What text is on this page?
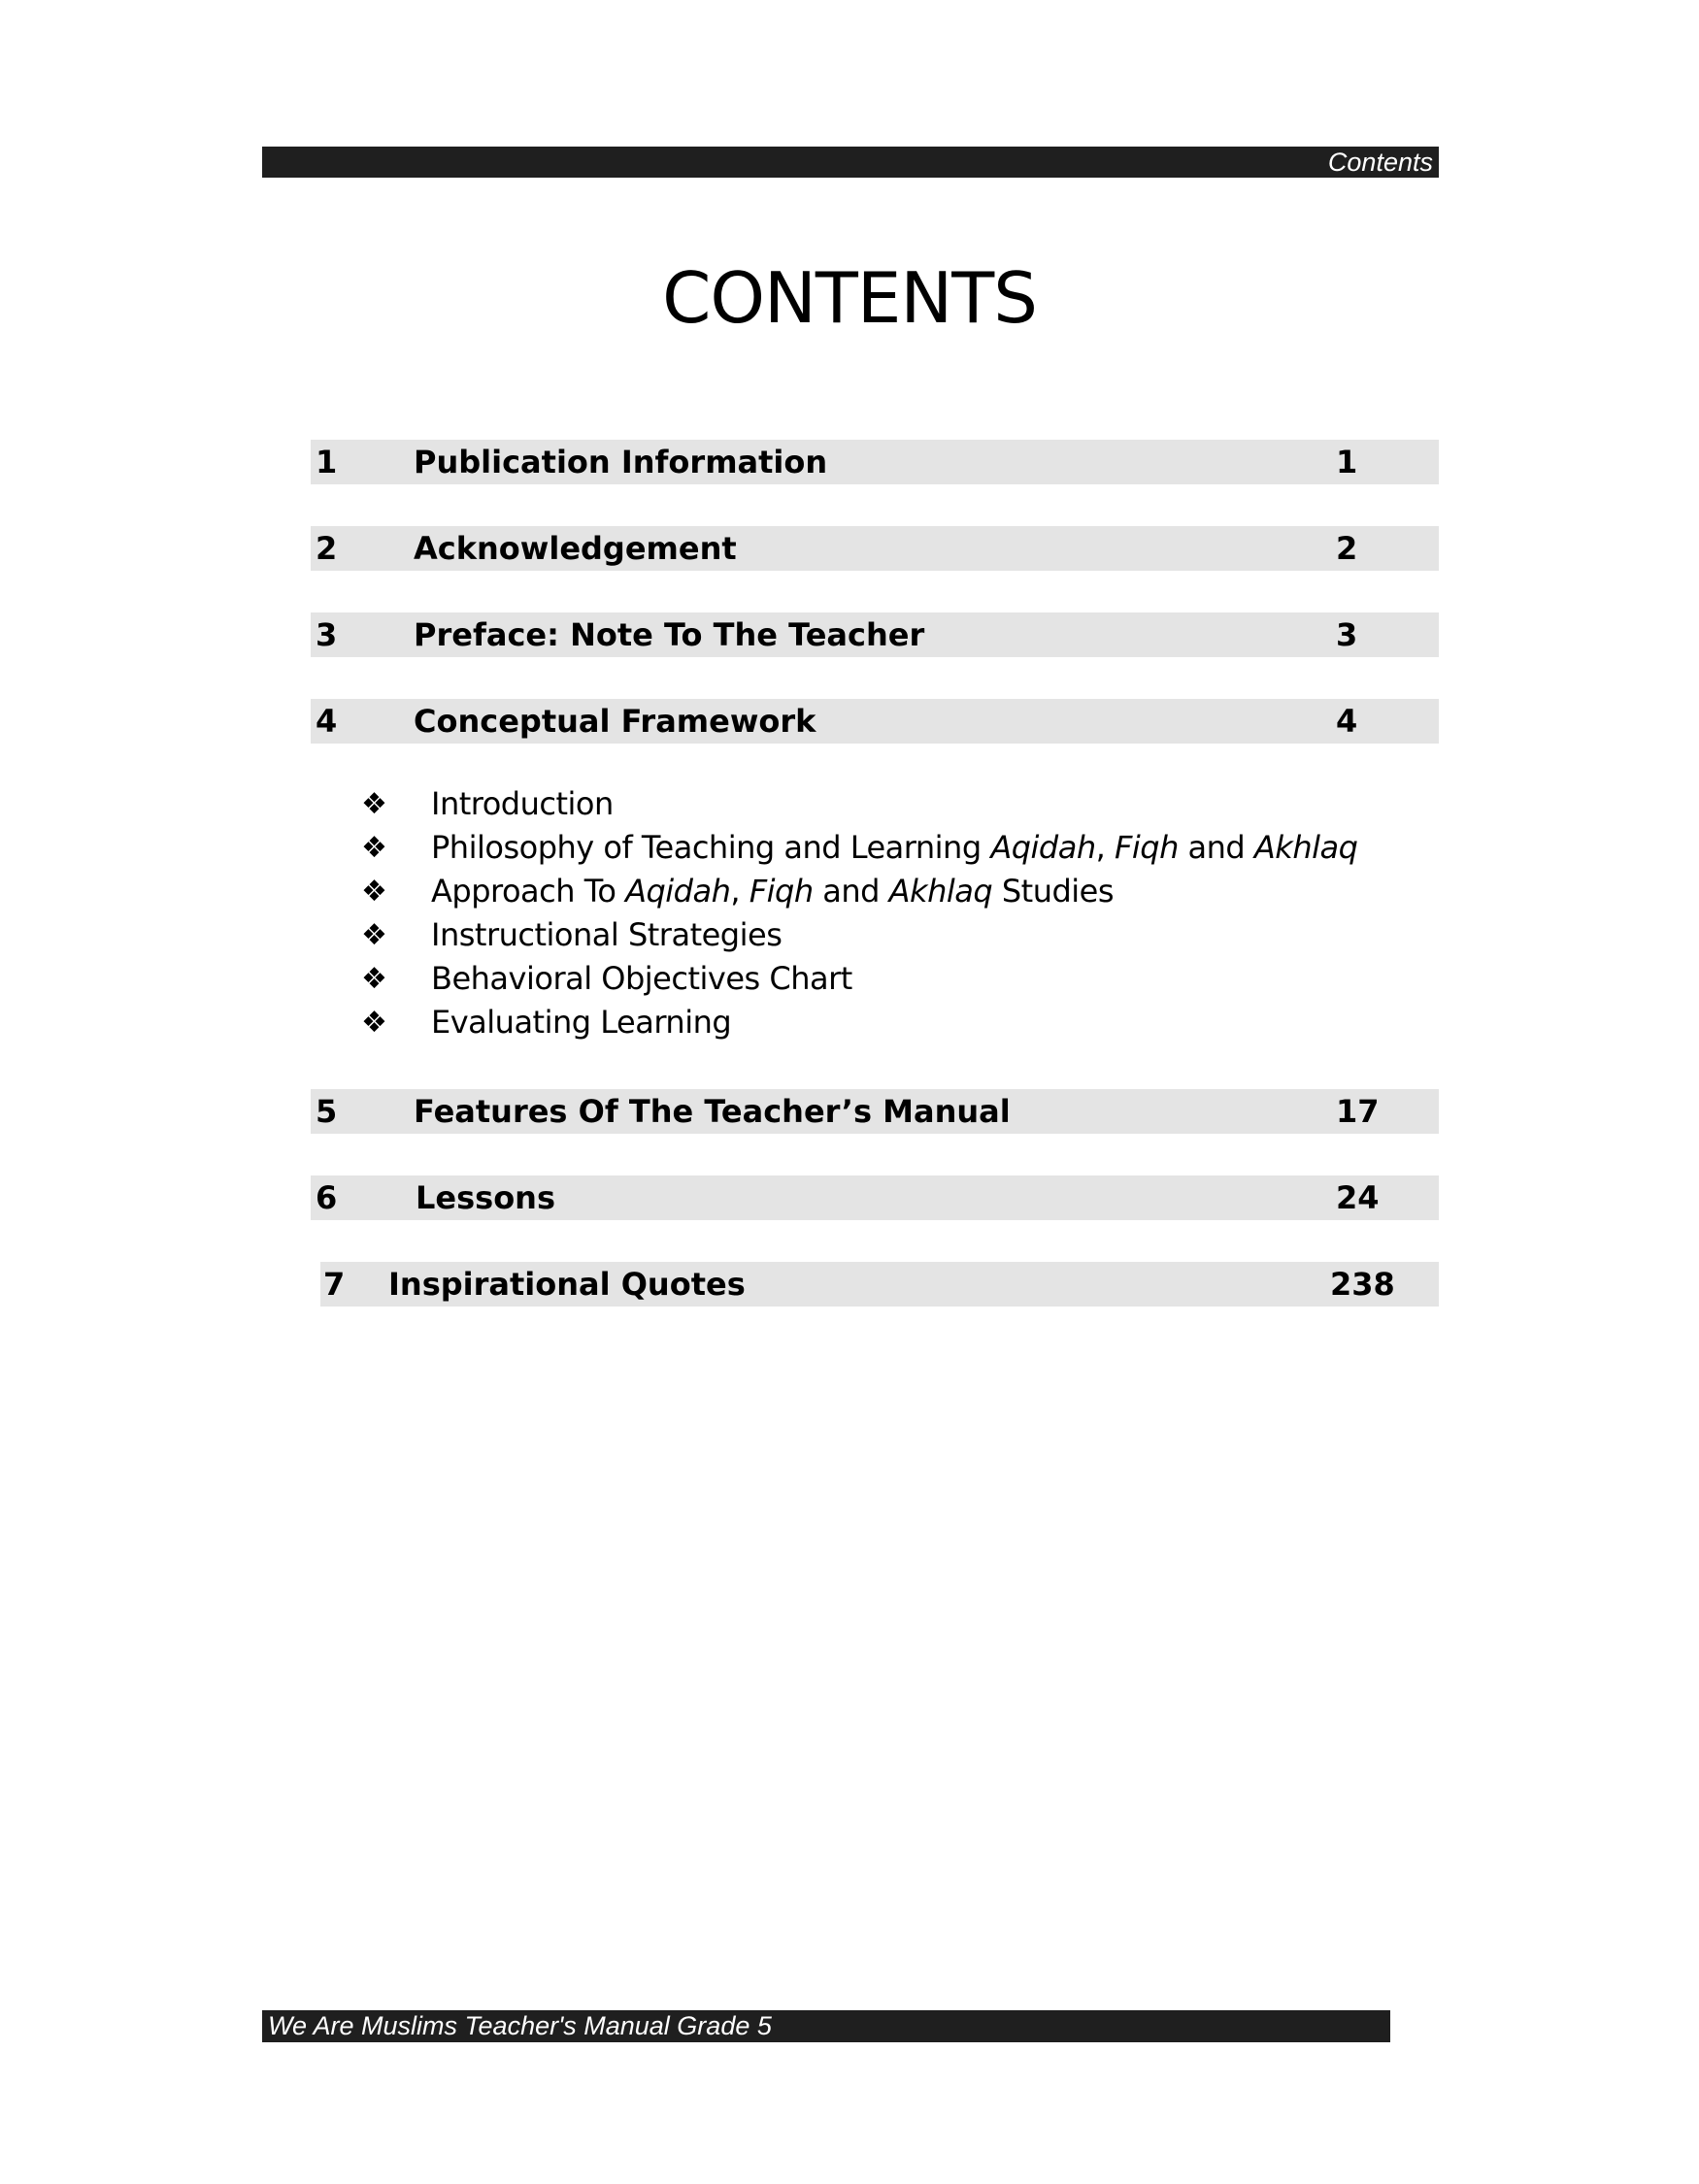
Contents
CONTENTS
1 Publication Information	1
2 Acknowledgement	2
3 Preface: Note To The Teacher	3
4 Conceptual Framework	4
❖ Introduction
❖ Philosophy of Teaching and Learning Aqidah, Fiqh and Akhlaq
❖ Approach To Aqidah, Fiqh and Akhlaq Studies
❖ Instructional Strategies
❖ Behavioral Objectives Chart
❖ Evaluating Learning
5 Features Of The Teacher’s Manual	17
6	Lessons	24
7 Inspirational Quotes	238
We Are Muslims Teacher's Manual Grade 5
